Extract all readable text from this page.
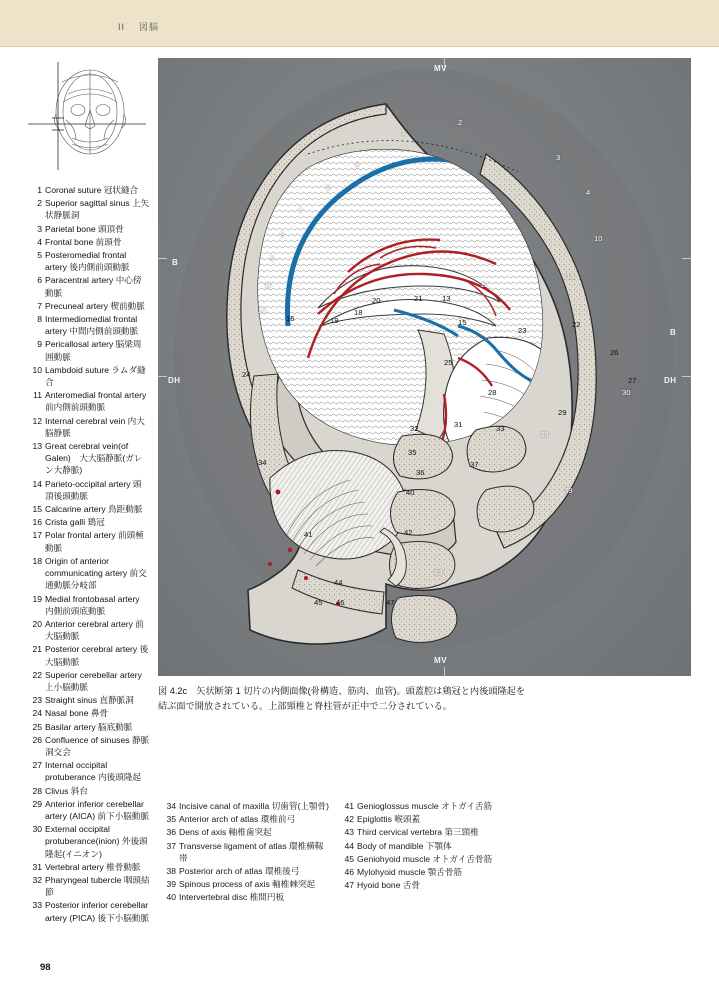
II 図脳
1 Coronal suture 冠状縫合
2 Superior sagittal sinus 上矢状静脈洞
3 Parietal bone 頭頂骨
4 Frontal bone 前頭骨
5 Posteromedial frontal artery 後内側前頭動脈
6 Paracentral artery 中心傍動脈
7 Precuneal artery 楔前動脈
8 Intermediomedial frontal artery 中間内側前頭動脈
9 Pericallosal artery 脳梁周囲動脈
10 Lambdoid suture ラムダ縫合
11 Anteromedial frontal artery 前内側前頭動脈
12 Internal cerebral vein 内大脳静脈
13 Great cerebral vein(of Galen)　大大脳静脈(ガレン大静脈)
14 Parieto-occipital artery 頭頂後頭動脈
15 Calcarine artery 鳥距動脈
16 Crista galli 鶏冠
17 Polar frontal artery 前頭極動脈
18 Origin of anterior communicating artery 前交通動脈分岐部
19 Medial frontobasal artery 内側前頭底動脈
20 Anterior cerebral artery 前大脳動脈
21 Posterior cerebral artery 後大脳動脈
22 Superior cerebellar artery 上小脳動脈
23 Straight sinus 直静脈洞
24 Nasal bone 鼻骨
25 Basilar artery 脳底動脈
26 Confluence of sinuses 静脈洞交会
27 Internal occipital protuberance 内後頭隆起
28 Clivus 斜台
29 Anterior inferior cerebellar artery (AICA) 前下小脳動脈
30 External occipital protuberance(inion) 外後頭隆起(イニオン)
31 Vertebral artery 椎骨動脈
32 Pharyngeal tubercle 咽頭結節
33 Posterior inferior cerebellar artery (PICA) 後下小脳動脈
MV
MV
B
B
DH	DH
1
2
3
4
5
6
7
8
9
10
11	12
13
14
15
16
17	18
19
20	21
22
23
24
25
26
27
28
29
30
31
32	33
34
35
36
37
38
39
40
41	42
43
44
45 46	47
図 4.2c　矢状断第 1 切片の内側面像(骨構造、筋肉、血管)。頭蓋腔は鶏冠と内後頭隆起を
結ぶ面で開放されている。上部頸椎と脊柱管が正中で二分されている。
34 Incisive canal of maxilla 切歯管(上顎骨)
35 Anterior arch of atlas 環椎前弓
36 Dens of axis 軸椎歯突起
37 Transverse ligament of atlas 環椎横靱帯
38 Posterior arch of atlas 環椎後弓
39 Spinous process of axis 軸椎棘突起
40 Intervertebral disc 椎間円板
41 Genioglossus muscle オトガイ舌筋
42 Epiglottis 喉頭蓋
43 Third cervical vertebra 第三頸椎
44 Body of mandible 下顎体
45 Geniohyoid muscle オトガイ舌骨筋
46 Mylohyoid muscle 顎舌骨筋
47 Hyoid bone 舌骨
98
